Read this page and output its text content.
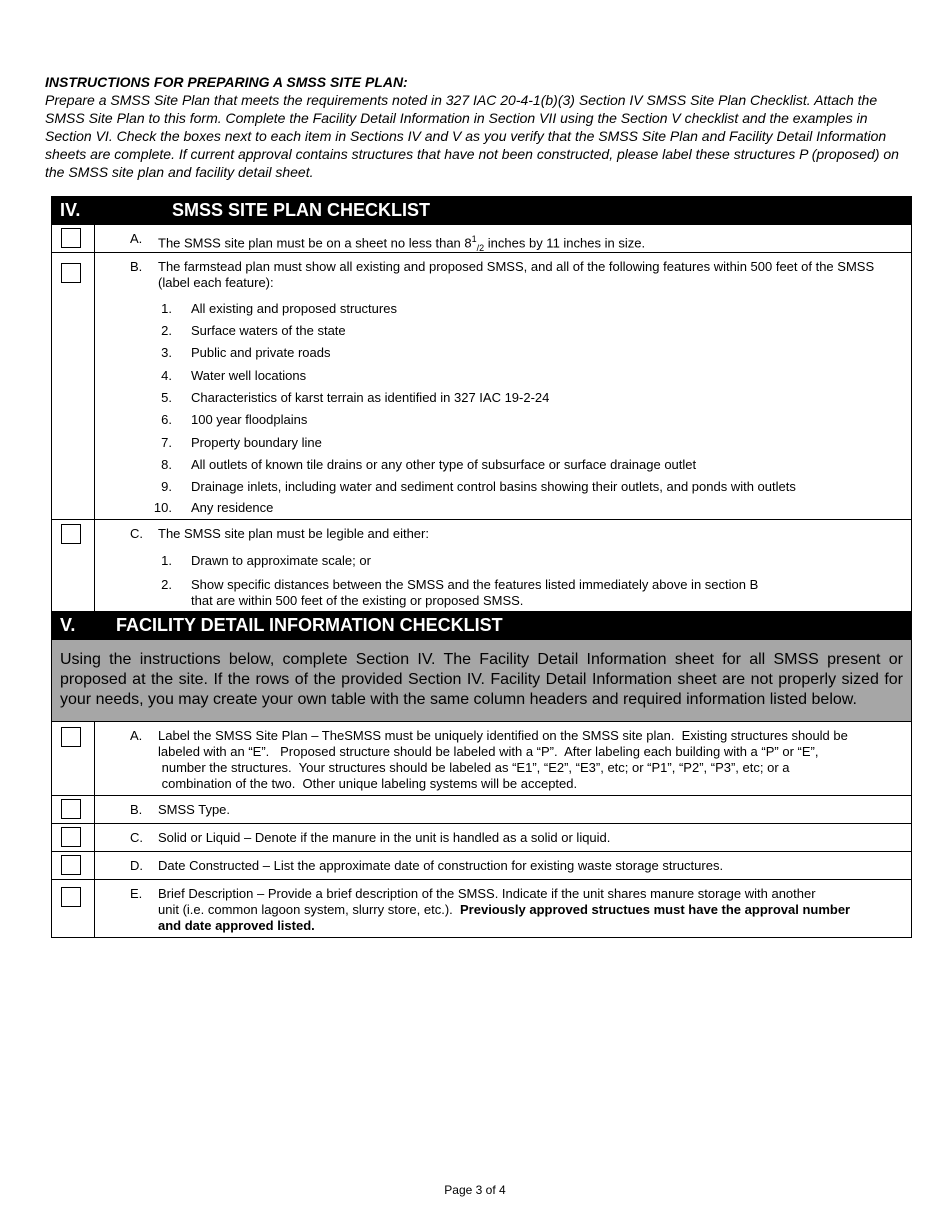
INSTRUCTIONS FOR PREPARING A SMSS SITE PLAN:
Prepare a SMSS Site Plan that meets the requirements noted in 327 IAC 20-4-1(b)(3) Section IV SMSS Site Plan Checklist. Attach the SMSS Site Plan to this form. Complete the Facility Detail Information in Section VII using the Section V checklist and the examples in Section VI. Check the boxes next to each item in Sections IV and V as you verify that the SMSS Site Plan and Facility Detail Information sheets are complete. If current approval contains structures that have not been constructed, please label these structures P (proposed) on the SMSS site plan and facility detail sheet.
IV.	SMSS SITE PLAN CHECKLIST
A. The SMSS site plan must be on a sheet no less than $8^1_{/2}$ inches by 11 inches in size.
B. The farmstead plan must show all existing and proposed SMSS, and all of the following features within 500 feet of the SMSS (label each feature):
1. All existing and proposed structures
2. Surface waters of the state
3. Public and private roads
4. Water well locations
5. Characteristics of karst terrain as identified in 327 IAC 19-2-24
6. 100 year floodplains
7. Property boundary line
8. All outlets of known tile drains or any other type of subsurface or surface drainage outlet
9. Drainage inlets, including water and sediment control basins showing their outlets, and ponds with outlets
10. Any residence
C. The SMSS site plan must be legible and either:
1. Drawn to approximate scale; or
2. Show specific distances between the SMSS and the features listed immediately above in section B
that are within 500 feet of the existing or proposed SMSS.
V. FACILITY DETAIL INFORMATION CHECKLIST
Using the instructions below, complete Section IV. The Facility Detail Information sheet for all SMSS present or proposed at the site. If the rows of the provided Section IV. Facility Detail Information sheet are not properly sized for your needs, you may create your own table with the same column headers and required information listed below.
A. Label the SMSS Site Plan – TheSMSS must be uniquely identified on the SMSS site plan.  Existing structures should be
labeled with an “E”.   Proposed structure should be labeled with a “P”.  After labeling each building with a “P” or “E”,
number the structures.  Your structures should be labeled as “E1”, “E2”, “E3”, etc; or “P1”, “P2”, “P3”, etc; or a
combination of the two.  Other unique labeling systems will be accepted.
B. SMSS Type.
C. Solid or Liquid – Denote if the manure in the unit is handled as a solid or liquid.
D. Date Constructed – List the approximate date of construction for existing waste storage structures.
E. Brief Description – Provide a brief description of the SMSS. Indicate if the unit shares manure storage with another
unit (i.e. common lagoon system, slurry store, etc.).  Previously approved structues must have the approval number
and date approved listed.
Page 3 of 4
